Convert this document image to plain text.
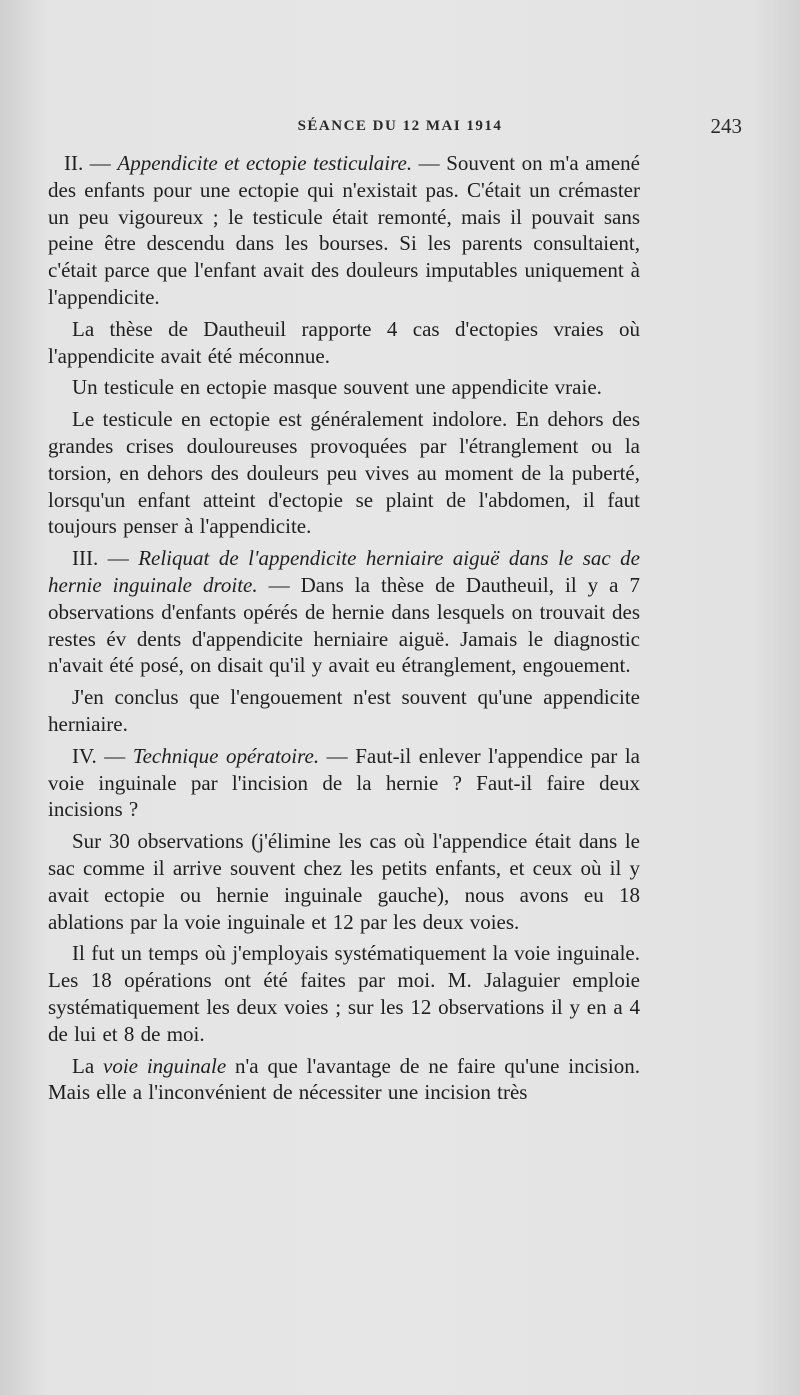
SÉANCE DU 12 MAI 1914	243

II. — Appendicite et ectopie testiculaire. — Souvent on m'a amené des enfants pour une ectopie qui n'existait pas. C'était un crémaster un peu vigoureux ; le testicule était remonté, mais il pouvait sans peine être descendu dans les bourses. Si les parents consultaient, c'était parce que l'enfant avait des douleurs imputables uniquement à l'appendicite.

La thèse de Dautheuil rapporte 4 cas d'ectopies vraies où l'appendicite avait été méconnue.

Un testicule en ectopie masque souvent une appendicite vraie.

Le testicule en ectopie est généralement indolore. En dehors des grandes crises douloureuses provoquées par l'étranglement ou la torsion, en dehors des douleurs peu vives au moment de la puberté, lorsqu'un enfant atteint d'ectopie se plaint de l'abdomen, il faut toujours penser à l'appendicite.

III. — Reliquat de l'appendicite herniaire aiguë dans le sac de hernie inguinale droite. — Dans la thèse de Dautheuil, il y a 7 observations d'enfants opérés de hernie dans lesquels on trouvait des restes év dents d'appendicite herniaire aiguë. Jamais le diagnostic n'avait été posé, on disait qu'il y avait eu étranglement, engouement.

J'en conclus que l'engouement n'est souvent qu'une appendicite herniaire.

IV. — Technique opératoire. — Faut-il enlever l'appendice par la voie inguinale par l'incision de la hernie ? Faut-il faire deux incisions ?

Sur 30 observations (j'élimine les cas où l'appendice était dans le sac comme il arrive souvent chez les petits enfants, et ceux où il y avait ectopie ou hernie inguinale gauche), nous avons eu 18 ablations par la voie inguinale et 12 par les deux voies.

Il fut un temps où j'employais systématiquement la voie inguinale. Les 18 opérations ont été faites par moi. M. Jalaguier emploie systématiquement les deux voies ; sur les 12 observations il y en a 4 de lui et 8 de moi.

La voie inguinale n'a que l'avantage de ne faire qu'une incision. Mais elle a l'inconvénient de nécessiter une incision très
